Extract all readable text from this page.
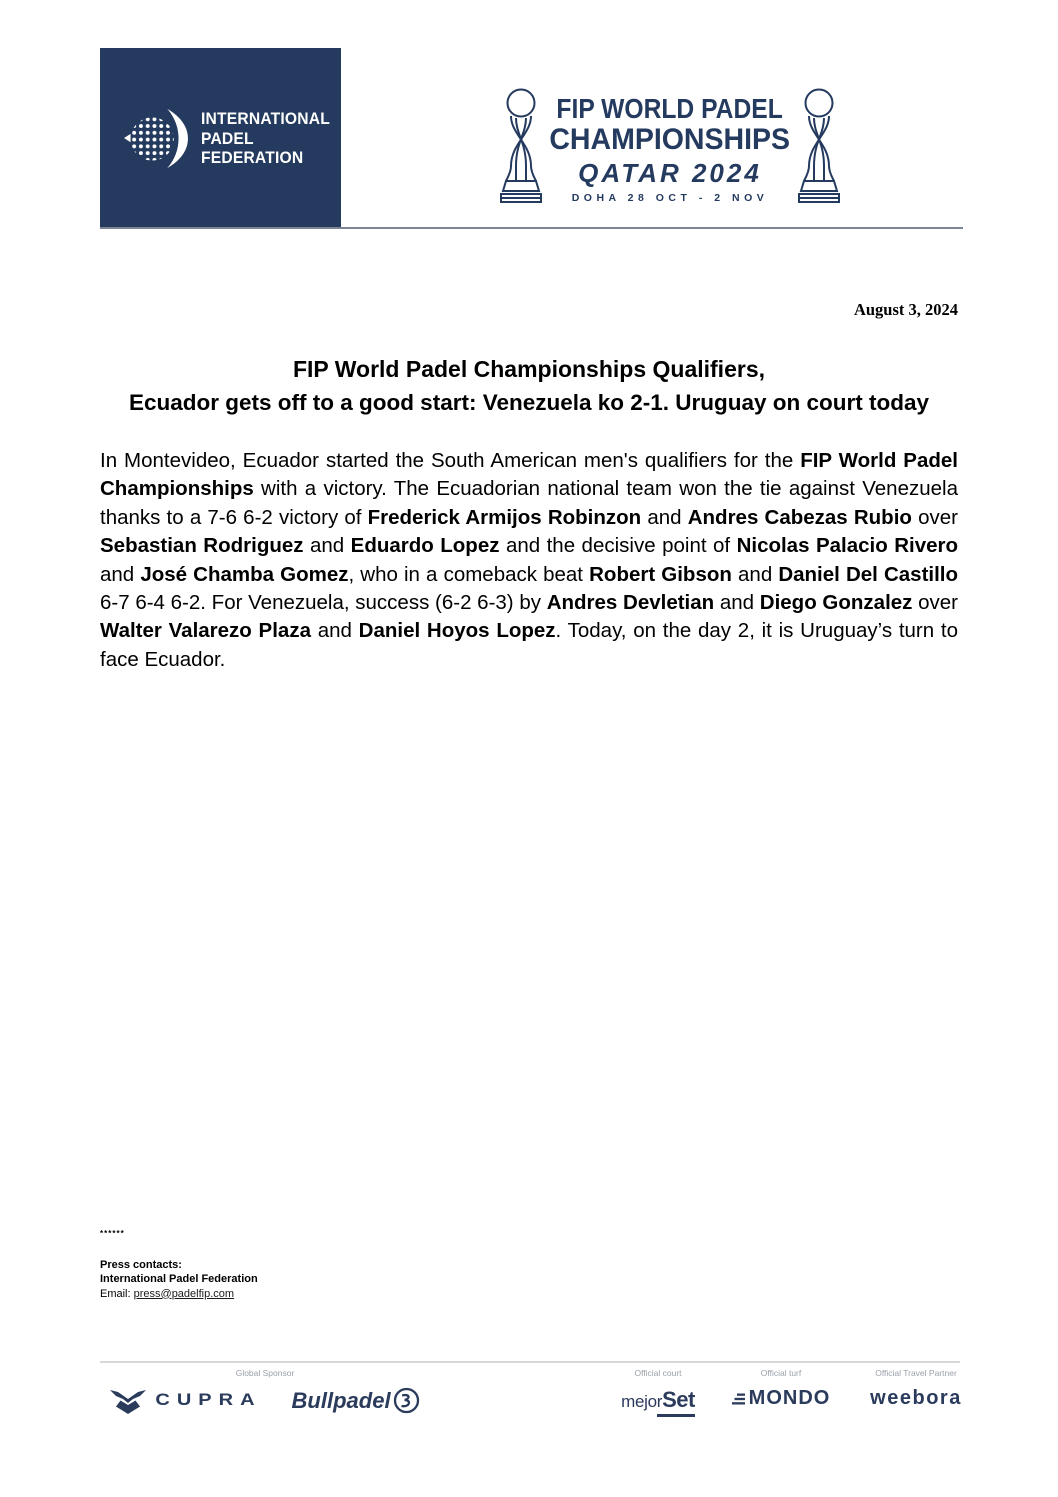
INTERNATIONAL
PADEL
FEDERATION
FIP WORLD PADEL
CHAMPIONSHIPS
QATAR 2024
DOHA 28 OCT - 2 NOV
August 3, 2024
FIP World Padel Championships Qualifiers,
Ecuador gets off to a good start: Venezuela ko 2-1. Uruguay on court today

In Montevideo, Ecuador started the South American men's qualifiers for the FIP World Padel Championships with a victory. The Ecuadorian national team won the tie against Venezuela thanks to a 7-6 6-2 victory of Frederick Armijos Robinzon and Andres Cabezas Rubio over Sebastian Rodriguez and Eduardo Lopez and the decisive point of Nicolas Palacio Rivero and José Chamba Gomez, who in a comeback beat Robert Gibson and Daniel Del Castillo 6-7 6-4 6-2. For Venezuela, success (6-2 6-3) by Andres Devletian and Diego Gonzalez over Walter Valarezo Plaza and Daniel Hoyos Lopez. Today, on the day 2, it is Uruguay’s turn to face Ecuador.

******
Press contacts:
International Padel Federation
Email: press@padelfip.com
Global Sponsor
CUPRA Bullpadel
Official court
mejor Set
Official turf
MONDO
Official Travel Partner
weebora
